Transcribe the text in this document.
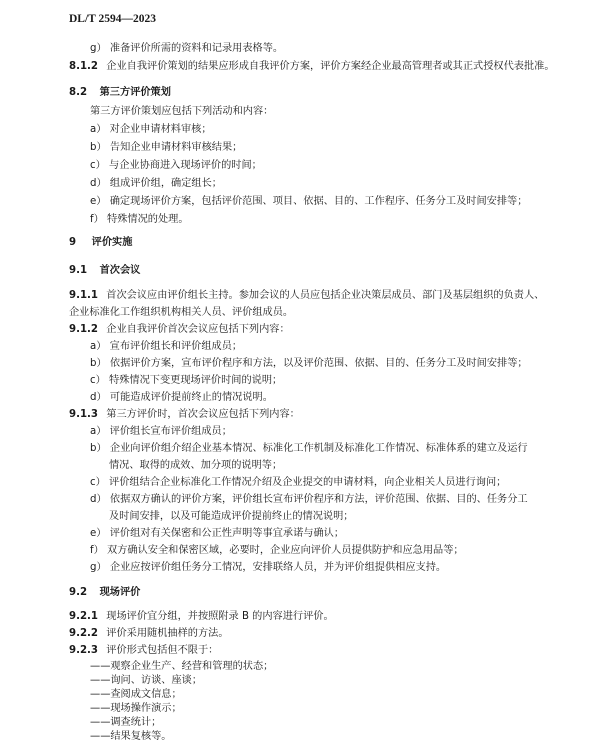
DL/T 2594—2023
g） 准备评价所需的资料和记录用表格等。
8.1.2 企业自我评价策划的结果应形成自我评价方案，评价方案经企业最高管理者或其正式授权代表批准。
8.2 第三方评价策划
第三方评价策划应包括下列活动和内容：
a） 对企业申请材料审核；
b） 告知企业申请材料审核结果；
c） 与企业协商进入现场评价的时间；
d） 组成评价组，确定组长；
e） 确定现场评价方案，包括评价范围、项目、依据、目的、工作程序、任务分工及时间安排等；
f） 特殊情况的处理。
9 评价实施
9.1 首次会议
9.1.1 首次会议应由评价组长主持。参加会议的人员应包括企业决策层成员、部门及基层组织的负责人、
企业标准化工作组织机构相关人员、评价组成员。
9.1.2 企业自我评价首次会议应包括下列内容：
a） 宣布评价组长和评价组成员；
b） 依据评价方案，宣布评价程序和方法，以及评价范围、依据、目的、任务分工及时间安排等；
c） 特殊情况下变更现场评价时间的说明；
d） 可能造成评价提前终止的情况说明。
9.1.3 第三方评价时，首次会议应包括下列内容：
a） 评价组长宣布评价组成员；
b） 企业向评价组介绍企业基本情况、标准化工作机制及标准化工作情况、标准体系的建立及运行
情况、取得的成效、加分项的说明等；
c） 评价组结合企业标准化工作情况介绍及企业提交的申请材料，向企业相关人员进行询问；
d） 依据双方确认的评价方案，评价组长宣布评价程序和方法，评价范围、依据、目的、任务分工
及时间安排，以及可能造成评价提前终止的情况说明；
e） 评价组对有关保密和公正性声明等事宜承诺与确认；
f） 双方确认安全和保密区域，必要时，企业应向评价人员提供防护和应急用品等；
g） 企业应按评价组任务分工情况，安排联络人员，并为评价组提供相应支持。
9.2 现场评价
9.2.1 现场评价宜分组，并按照附录 B 的内容进行评价。
9.2.2 评价采用随机抽样的方法。
9.2.3 评价形式包括但不限于：
——观察企业生产、经营和管理的状态；
——询问、访谈、座谈；
——查阅成文信息；
——现场操作演示；
——调查统计；
——结果复核等。
